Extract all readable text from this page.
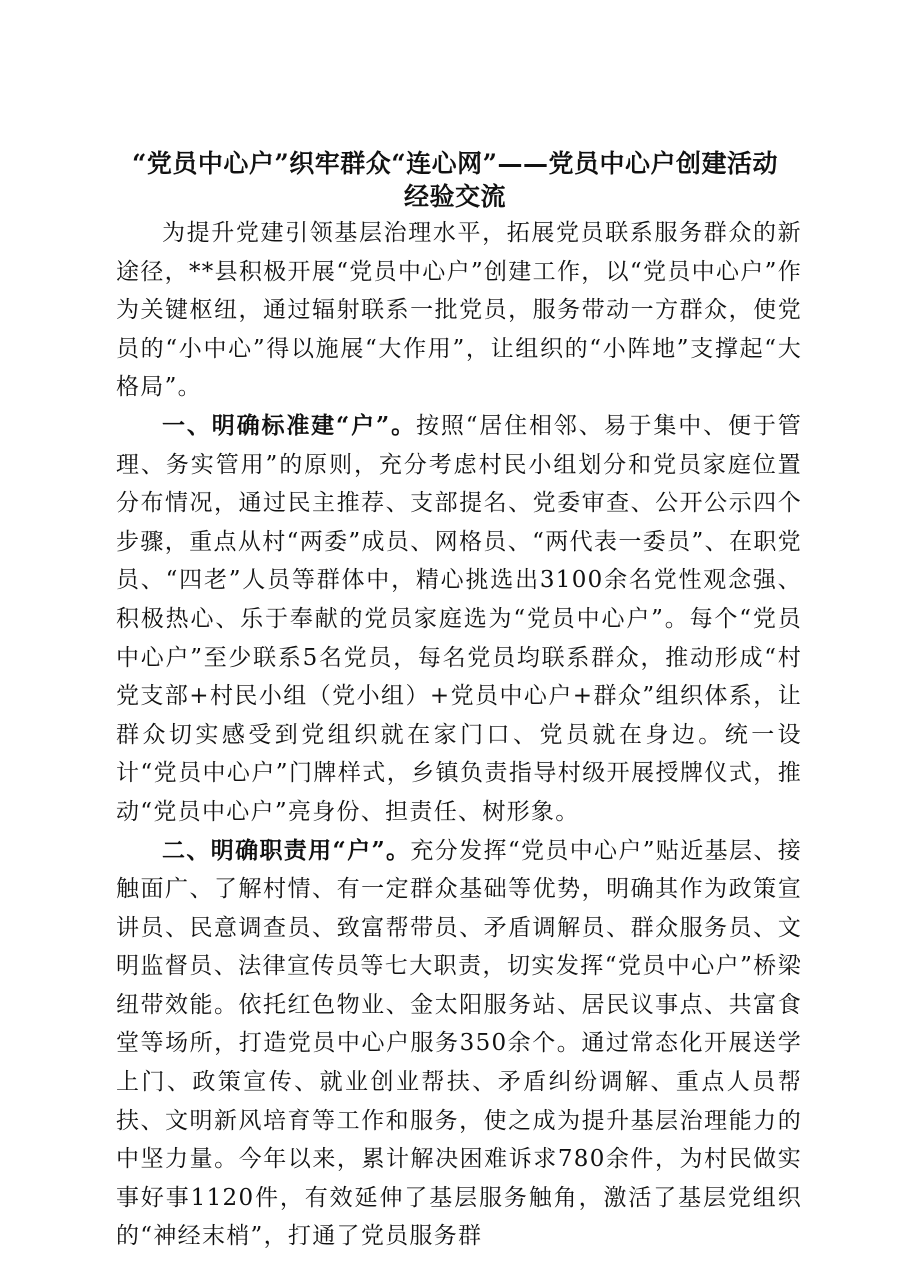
“党员中心户”织牢群众“连心网”——党员中心户创建活动
经验交流

为提升党建引领基层治理水平，拓展党员联系服务群众的新途径，**县积极开展“党员中心户”创建工作，以“党员中心户”作为关键枢纽，通过辐射联系一批党员，服务带动一方群众，使党员的“小中心”得以施展“大作用”，让组织的“小阵地”支撑起“大格局”。

一、明确标准建“户”。按照“居住相邻、易于集中、便于管理、务实管用”的原则，充分考虑村民小组划分和党员家庭位置分布情况，通过民主推荐、支部提名、党委审查、公开公示四个步骤，重点从村“两委”成员、网格员、“两代表一委员”、在职党员、“四老”人员等群体中，精心挑选出3100余名党性观念强、积极热心、乐于奉献的党员家庭选为“党员中心户”。每个“党员中心户”至少联系5名党员，每名党员均联系群众，推动形成“村党支部+村民小组（党小组）+党员中心户+群众”组织体系，让群众切实感受到党组织就在家门口、党员就在身边。统一设计“党员中心户”门牌样式，乡镇负责指导村级开展授牌仪式，推动“党员中心户”亮身份、担责任、树形象。

二、明确职责用“户”。充分发挥“党员中心户”贴近基层、接触面广、了解村情、有一定群众基础等优势，明确其作为政策宣讲员、民意调查员、致富帮带员、矛盾调解员、群众服务员、文明监督员、法律宣传员等七大职责，切实发挥“党员中心户”桥梁纽带效能。依托红色物业、金太阳服务站、居民议事点、共富食堂等场所，打造党员中心户服务350余个。通过常态化开展送学上门、政策宣传、就业创业帮扶、矛盾纠纷调解、重点人员帮扶、文明新风培育等工作和服务，使之成为提升基层治理能力的中坚力量。今年以来，累计解决困难诉求780余件，为村民做实事好事1120件，有效延伸了基层服务触角，激活了基层党组织的“神经末梢”，打通了党员服务群
